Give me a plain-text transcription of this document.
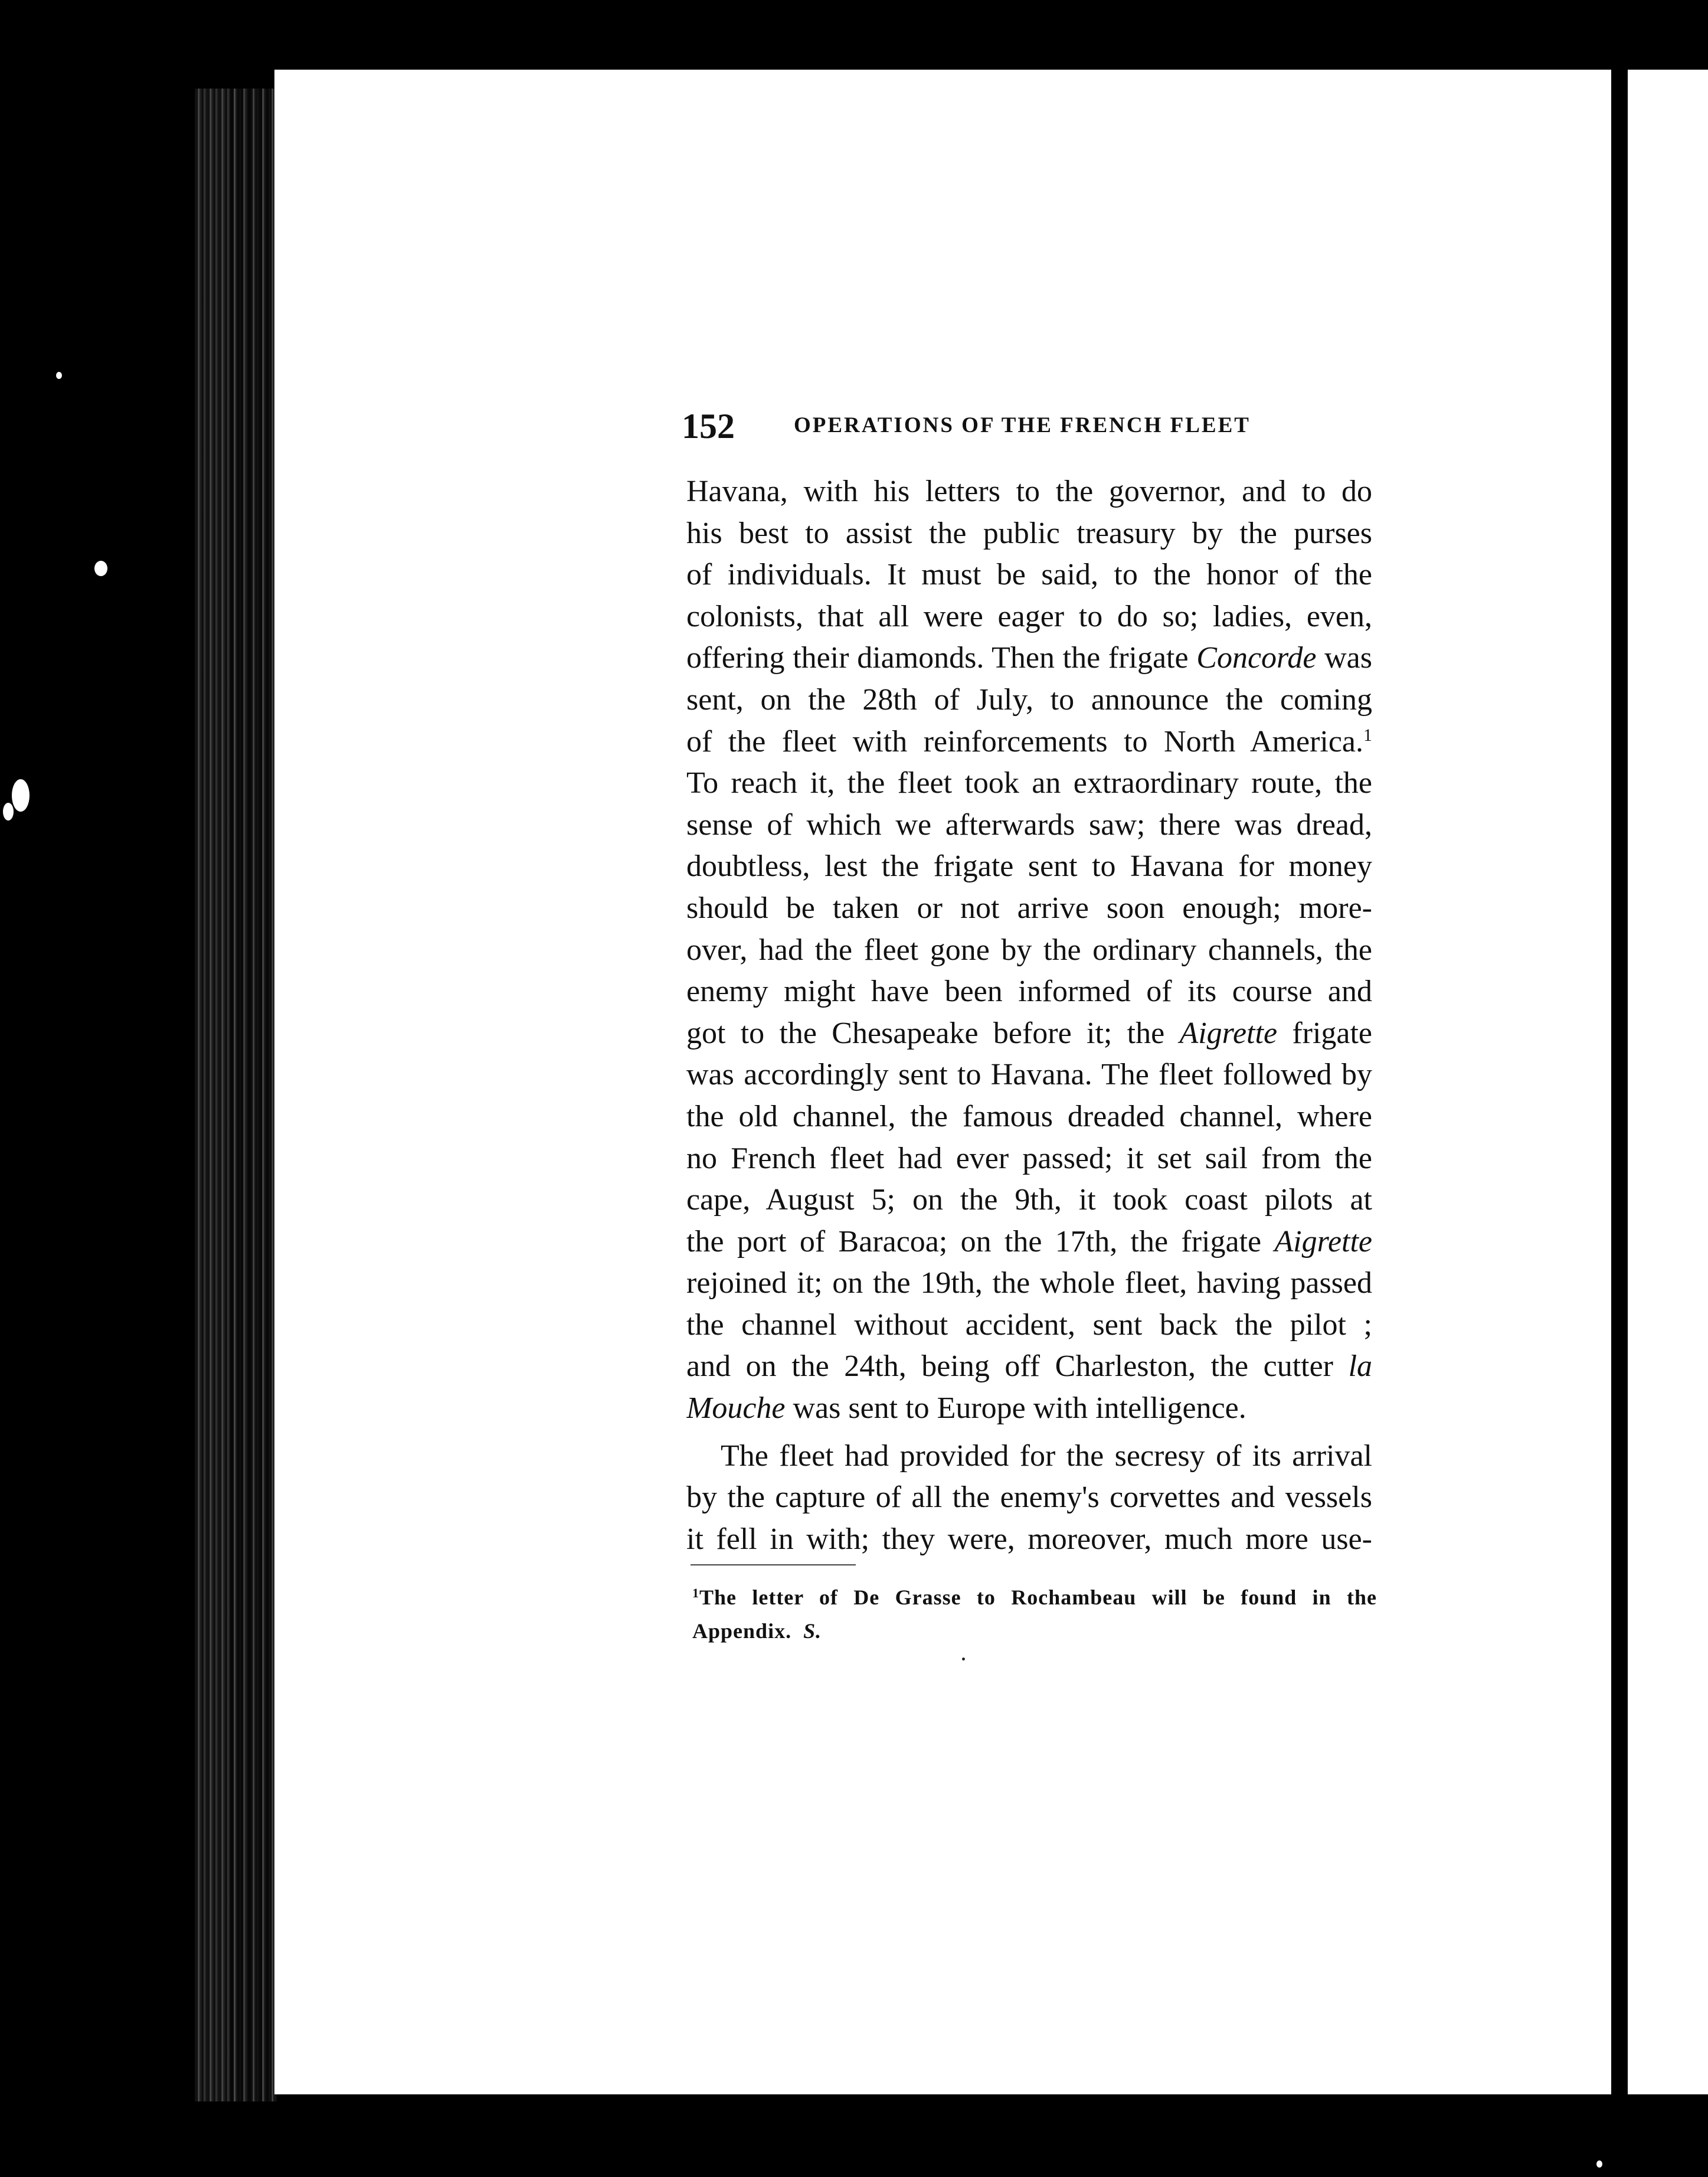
152	OPERATIONS OF THE FRENCH FLEET
Havana, with his letters to the governor, and to do
his best to assist the public treasury by the purses
of individuals. It must be said, to the honor of the
colonists, that all were eager to do so; ladies, even,
offering their diamonds. Then the frigate Concorde was
sent, on the 28th of July, to announce the coming
of the fleet with reinforcements to North America.$^1$
To reach it, the fleet took an extraordinary route, the
sense of which we afterwards saw; there was dread,
doubtless, lest the frigate sent to Havana for money
should be taken or not arrive soon enough; more-
over, had the fleet gone by the ordinary channels, the
enemy might have been informed of its course and
got to the Chesapeake before it; the Aigrette frigate
was accordingly sent to Havana. The fleet followed by
the old channel, the famous dreaded channel, where
no French fleet had ever passed; it set sail from the
cape, August 5; on the 9th, it took coast pilots at
the port of Baracoa; on the 17th, the frigate Aigrette
rejoined it; on the 19th, the whole fleet, having passed
the channel without accident, sent back the pilot ;
and on the 24th, being off Charleston, the cutter la
Mouche was sent to Europe with intelligence.
The fleet had provided for the secresy of its arrival
by the capture of all the enemy's corvettes and vessels
it fell in with; they were, moreover, much more use-
$^1$The letter of De Grasse to Rochambeau will be found in the
Appendix. S.
